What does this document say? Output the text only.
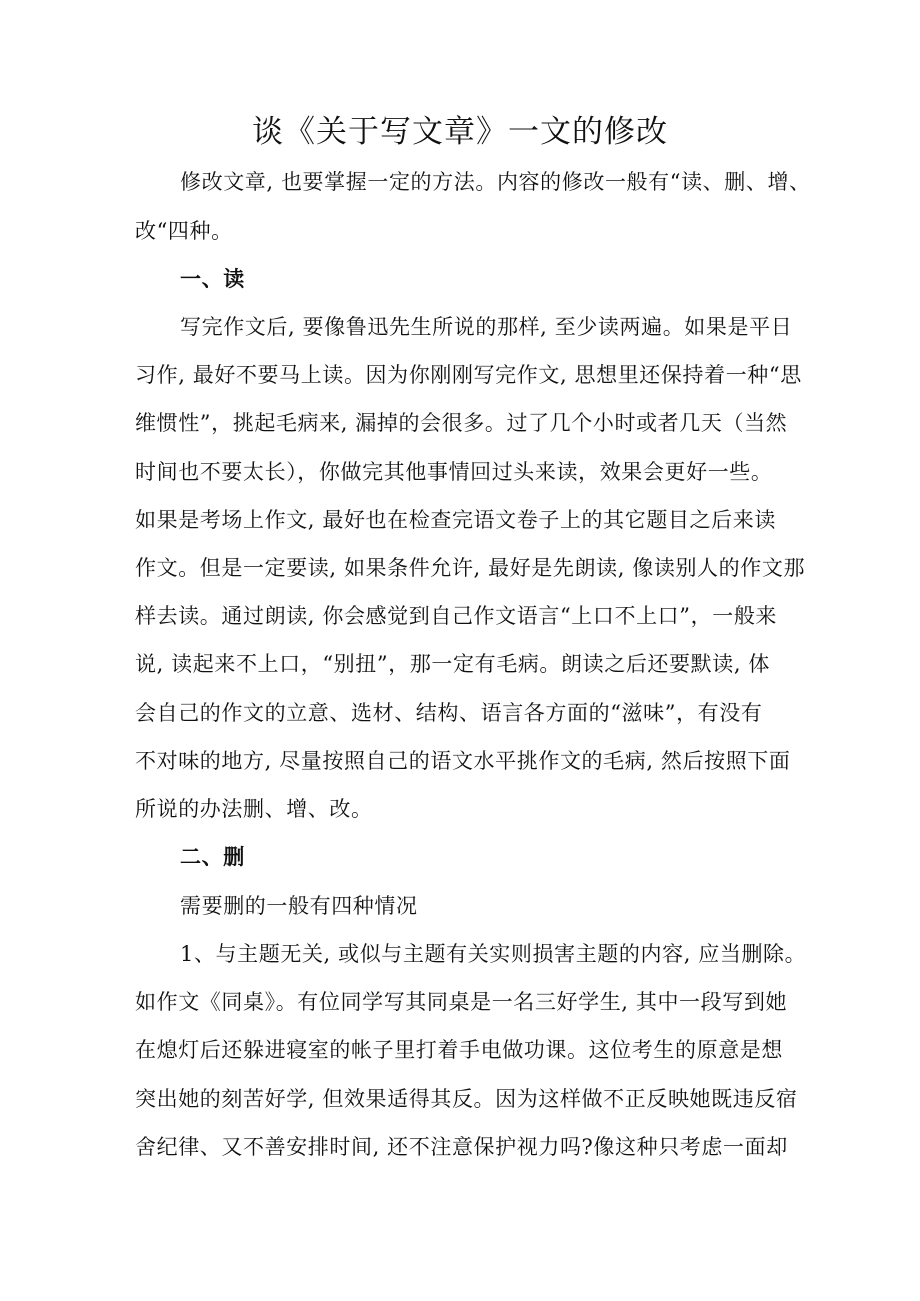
谈《关于写文章》一文的修改
修改文章, 也要掌握一定的方法。内容的修改一般有“读、删、增、
改“四种。
一、读
写完作文后, 要像鲁迅先生所说的那样, 至少读两遍。如果是平日
习作, 最好不要马上读。因为你刚刚写完作文, 思想里还保持着一种“思
维惯性”，挑起毛病来, 漏掉的会很多。过了几个小时或者几天（当然
时间也不要太长），你做完其他事情回过头来读，效果会更好一些。
如果是考场上作文, 最好也在检查完语文卷子上的其它题目之后来读
作文。但是一定要读, 如果条件允许, 最好是先朗读, 像读别人的作文那
样去读。通过朗读, 你会感觉到自己作文语言“上口不上口”，一般来
说, 读起来不上口，“别扭”，那一定有毛病。朗读之后还要默读, 体
会自己的作文的立意、选材、结构、语言各方面的“滋味”，有没有
不对味的地方, 尽量按照自己的语文水平挑作文的毛病, 然后按照下面
所说的办法删、增、改。
二、删
需要删的一般有四种情况
1、与主题无关, 或似与主题有关实则损害主题的内容, 应当删除。
如作文《同桌》。有位同学写其同桌是一名三好学生, 其中一段写到她
在熄灯后还躲进寝室的帐子里打着手电做功课。这位考生的原意是想
突出她的刻苦好学, 但效果适得其反。因为这样做不正反映她既违反宿
舍纪律、又不善安排时间, 还不注意保护视力吗?像这种只考虑一面却
